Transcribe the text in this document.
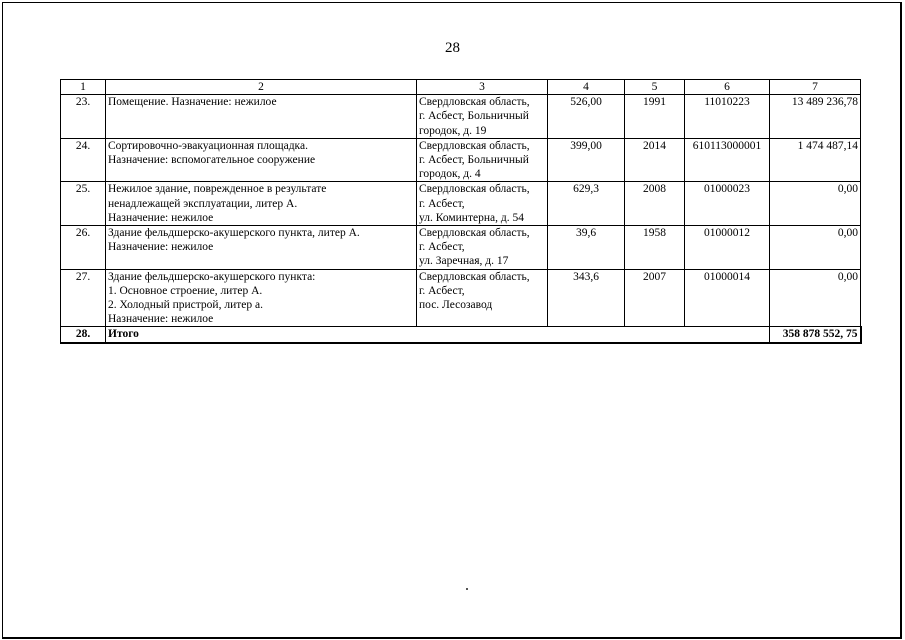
28
1	2	3	4	5	6	7
23.	Помещение. Назначение: нежилое	Свердловская область,
г. Асбест, Больничный
городок, д. 19	526,00	1991	11010223	13 489 236,78
24.	Сортировочно-эвакуационная площадка.
Назначение: вспомогательное сооружение	Свердловская область,
г. Асбест, Больничный
городок, д. 4	399,00	2014	610113000001	1 474 487,14
25.	Нежилое здание, поврежденное в результате
ненадлежащей эксплуатации, литер А.
Назначение: нежилое	Свердловская область,
г. Асбест,
ул. Коминтерна, д. 54	629,3	2008	01000023	0,00
26.	Здание фельдшерско-акушерского пункта, литер А.
Назначение: нежилое	Свердловская область,
г. Асбест,
ул. Заречная, д. 17	39,6	1958	01000012	0,00
27.	Здание фельдшерско-акушерского пункта:
1. Основное строение, литер А.
2. Холодный пристрой, литер а.
Назначение: нежилое	Свердловская область,
г. Асбест,
пос. Лесозавод	343,6	2007	01000014	0,00
28.	Итого					358 878 552, 75
